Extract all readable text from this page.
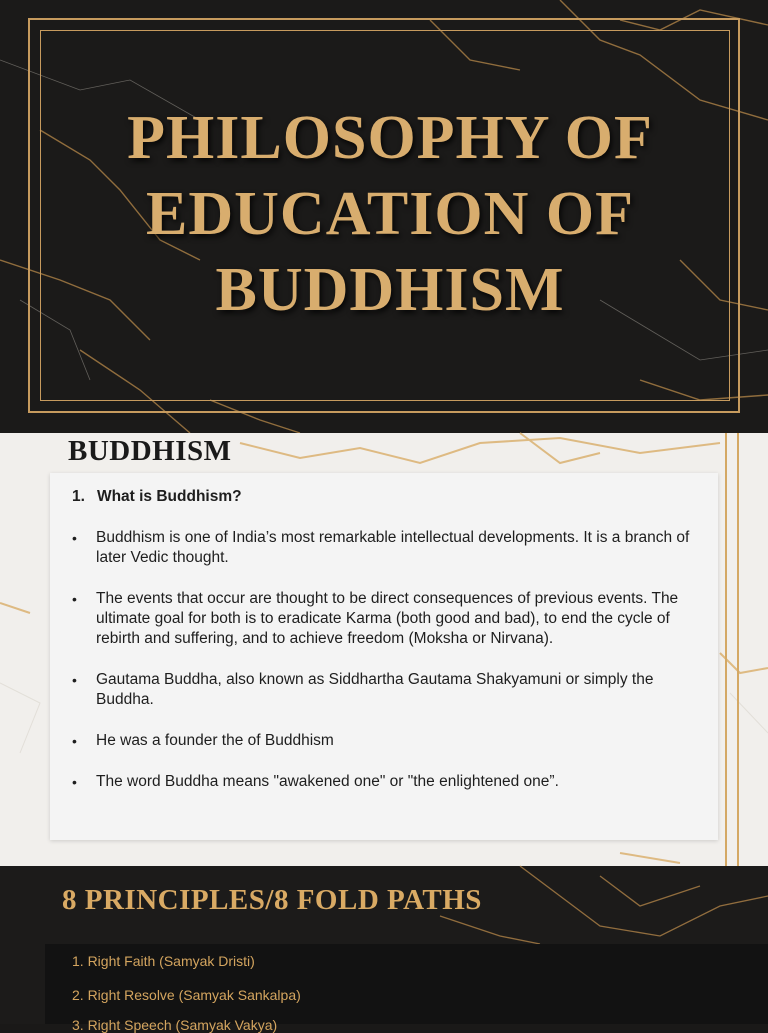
PHILOSOPHY OF
EDUCATION OF
BUDDHISM
BUDDHISM
1. What is Buddhism?
• Buddhism is one of India’s most remarkable intellectual developments. It is a branch of later Vedic thought.
• The events that occur are thought to be direct consequences of previous events. The ultimate goal for both is to eradicate Karma (both good and bad), to end the cycle of rebirth and suffering, and to achieve freedom (Moksha or Nirvana).
• Gautama Buddha, also known as Siddhartha Gautama Shakyamuni or simply the Buddha.
• He was a founder the of Buddhism
• The word Buddha means "awakened one" or "the enlightened one”.
8 PRINCIPLES/8 FOLD PATHS
1. Right Faith (Samyak Dristi)
2. Right Resolve (Samyak Sankalpa)
3. Right Speech (Samyak Vakya)
